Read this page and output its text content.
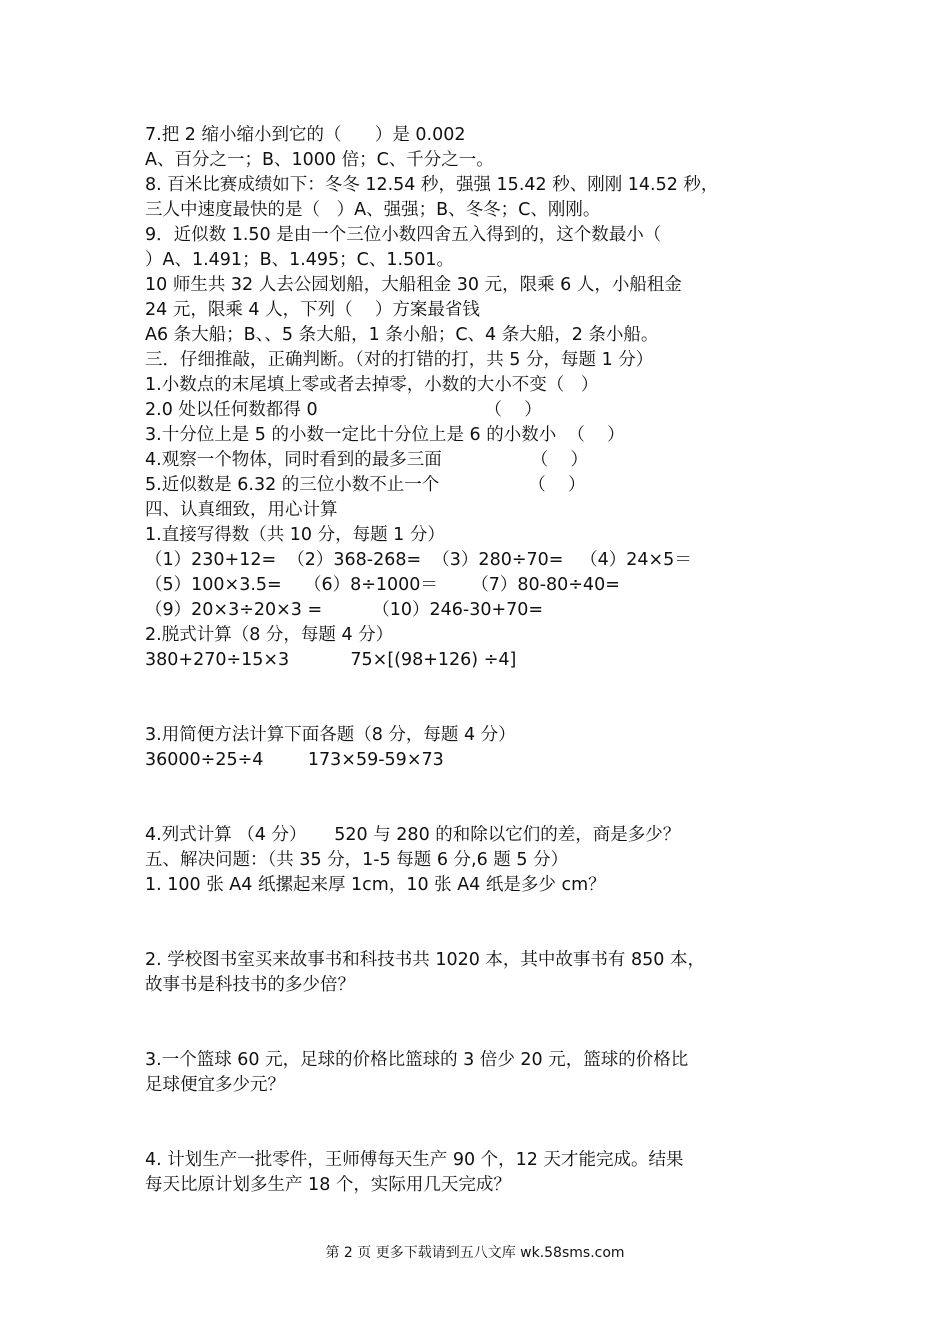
7.把 2 缩小缩小到它的（      ）是 0.002
A、百分之一；B、1000 倍；C、千分之一。
8. 百米比赛成绩如下：冬冬 12.54 秒，强强 15.42 秒、刚刚 14.52 秒，
三人中速度最快的是（   ）A、强强；B、冬冬；C、刚刚。
9．近似数 1.50 是由一个三位小数四舍五入得到的，这个数最小（
）A、1.491；B、1.495；C、1.501。
10 师生共 32 人去公园划船，大船租金 30 元，限乘 6 人，小船租金
24 元，限乘 4 人，下列（    ）方案最省钱
A6 条大船；B、、5 条大船，1 条小船；C、4 条大船，2 条小船。
三．仔细推敲，正确判断。（对的打错的打，共 5 分，每题 1 分）
1.小数点的末尾填上零或者去掉零，小数的大小不变（   ）
2.0 处以任何数都得 0                              （    ）
3.十分位上是 5 的小数一定比十分位上是 6 的小数小  （    ）
4.观察一个物体，同时看到的最多三面                （    ）
5.近似数是 6.32 的三位小数不止一个                （    ）
四、认真细致，用心计算
1.直接写得数（共 10 分，每题 1 分）
（1）230+12=  （2）368-268=  （3）280÷70=   （4）24×5＝
（5）100×3.5=    （6）8÷1000＝      （7）80-80÷40=
（9）20×3÷20×3 =         （10）246-30+70=
2.脱式计算（8 分，每题 4 分）
380+270÷15×3           75×[(98+126) ÷4]
3.用简便方法计算下面各题（8 分，每题 4 分）
36000÷25÷4        173×59-59×73
4.列式计算 （4 分）     520 与 280 的和除以它们的差，商是多少？
五、解决问题：（共 35 分，1-5 每题 6 分,6 题 5 分）
1. 100 张 A4 纸摞起来厚 1cm，10 张 A4 纸是多少 cm？
2. 学校图书室买来故事书和科技书共 1020 本，其中故事书有 850 本，
故事书是科技书的多少倍？
3.一个篮球 60 元，足球的价格比篮球的 3 倍少 20 元，篮球的价格比
足球便宜多少元？
4. 计划生产一批零件，王师傅每天生产 90 个，12 天才能完成。结果
每天比原计划多生产 18 个，实际用几天完成？
第 2 页 更多下载请到五八文库 wk.58sms.com
